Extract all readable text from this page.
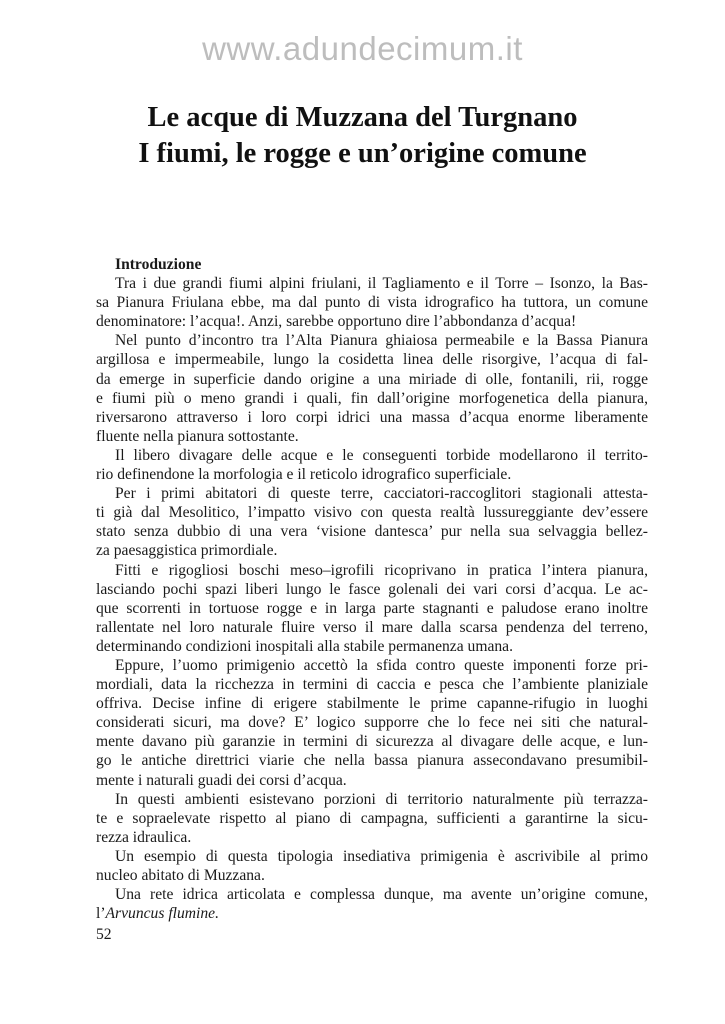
www.adundecimum.it
Le acque di Muzzana del Turgnano
I fiumi, le rogge e un’origine comune
Introduzione
Tra i due grandi fiumi alpini friulani, il Tagliamento e il Torre – Isonzo, la Bas-
sa Pianura Friulana ebbe, ma dal punto di vista idrografico ha tuttora, un comune
denominatore: l’acqua!. Anzi, sarebbe opportuno dire l’abbondanza d’acqua!
Nel punto d’incontro tra l’Alta Pianura ghiaiosa permeabile e la Bassa Pianura
argillosa e impermeabile, lungo la cosidetta linea delle risorgive, l’acqua di fal-
da emerge in superficie dando origine a una miriade di olle, fontanili, rii, rogge
e fiumi più o meno grandi i quali, fin dall’origine morfogenetica della pianura,
riversarono attraverso i loro corpi idrici una massa d’acqua enorme liberamente
fluente nella pianura sottostante.
Il libero divagare delle acque e le conseguenti torbide modellarono il territo-
rio definendone la morfologia e il reticolo idrografico superficiale.
Per i primi abitatori di queste terre, cacciatori-raccoglitori stagionali attesta-
ti già dal Mesolitico, l’impatto visivo con questa realtà lussureggiante dev’essere
stato senza dubbio di una vera ‘visione dantesca’ pur nella sua selvaggia bellez-
za paesaggistica primordiale.
Fitti e rigogliosi boschi meso–igrofili ricoprivano in pratica l’intera pianura,
lasciando pochi spazi liberi lungo le fasce golenali dei vari corsi d’acqua. Le ac-
que scorrenti in tortuose rogge e in larga parte stagnanti e paludose erano inoltre
rallentate nel loro naturale fluire verso il mare dalla scarsa pendenza del terreno,
determinando condizioni inospitali alla stabile permanenza umana.
Eppure, l’uomo primigenio accettò la sfida contro queste imponenti forze pri-
mordiali, data la ricchezza in termini di caccia e pesca che l’ambiente planiziale
offriva. Decise infine di erigere stabilmente le prime capanne-rifugio in luoghi
considerati sicuri, ma dove? E’ logico supporre che lo fece nei siti che natural-
mente davano più garanzie in termini di sicurezza al divagare delle acque, e lun-
go le antiche direttrici viarie che nella bassa pianura assecondavano presumibil-
mente i naturali guadi dei corsi d’acqua.
In questi ambienti esistevano porzioni di territorio naturalmente più terrazza-
te e sopraelevate rispetto al piano di campagna, sufficienti a garantirne la sicu-
rezza idraulica.
Un esempio di questa tipologia insediativa primigenia è ascrivibile al primo
nucleo abitato di Muzzana.
Una rete idrica articolata e complessa dunque, ma avente un’origine comune,
l’Arvuncus flumine.
52
